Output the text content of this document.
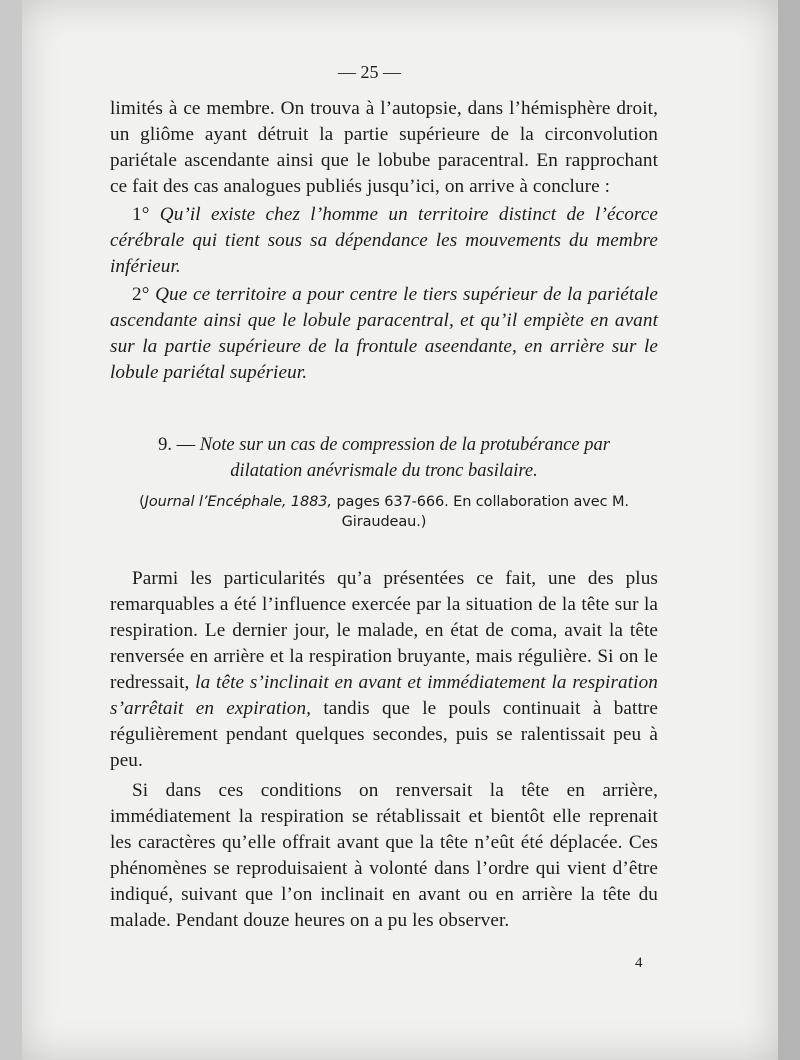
— 25 —

limités à ce membre. On trouva à l’autopsie, dans l’hémisphère droit, un gliôme ayant détruit la partie supérieure de la circonvolution pariétale ascendante ainsi que le lobube paracentral. En rapprochant ce fait des cas analogues publiés jusqu’ici, on arrive à conclure :

1° Qu’il existe chez l’homme un territoire distinct de l’écorce cérébrale qui tient sous sa dépendance les mouvements du membre inférieur.

2° Que ce territoire a pour centre le tiers supérieur de la pariétale ascendante ainsi que le lobule paracentral, et qu’il empiète en avant sur la partie supérieure de la frontule aseendante, en arrière sur le lobule pariétal supérieur.

9. — Note sur un cas de compression de la protubérance par

dilatation anévrismale du tronc basilaire.

(Journal l’Encéphale, 1883, pages 637-666. En collaboration avec M. Giraudeau.)

Parmi les particularités qu’a présentées ce fait, une des plus remarquables a été l’influence exercée par la situation de la tête sur la respiration. Le dernier jour, le malade, en état de coma, avait la tête renversée en arrière et la respiration bruyante, mais régulière. Si on le redressait, la tête s’inclinait en avant et immédiatement la respiration s’arrêtait en expiration, tandis que le pouls continuait à battre régulièrement pendant quelques secondes, puis se ralentissait peu à peu.

Si dans ces conditions on renversait la tête en arrière, immédiatement la respiration se rétablissait et bientôt elle reprenait les caractères qu’elle offrait avant que la tête n’eût été déplacée. Ces phénomènes se reproduisaient à volonté dans l’ordre qui vient d’être indiqué, suivant que l’on inclinait en avant ou en arrière la tête du malade. Pendant douze heures on a pu les observer.

4
